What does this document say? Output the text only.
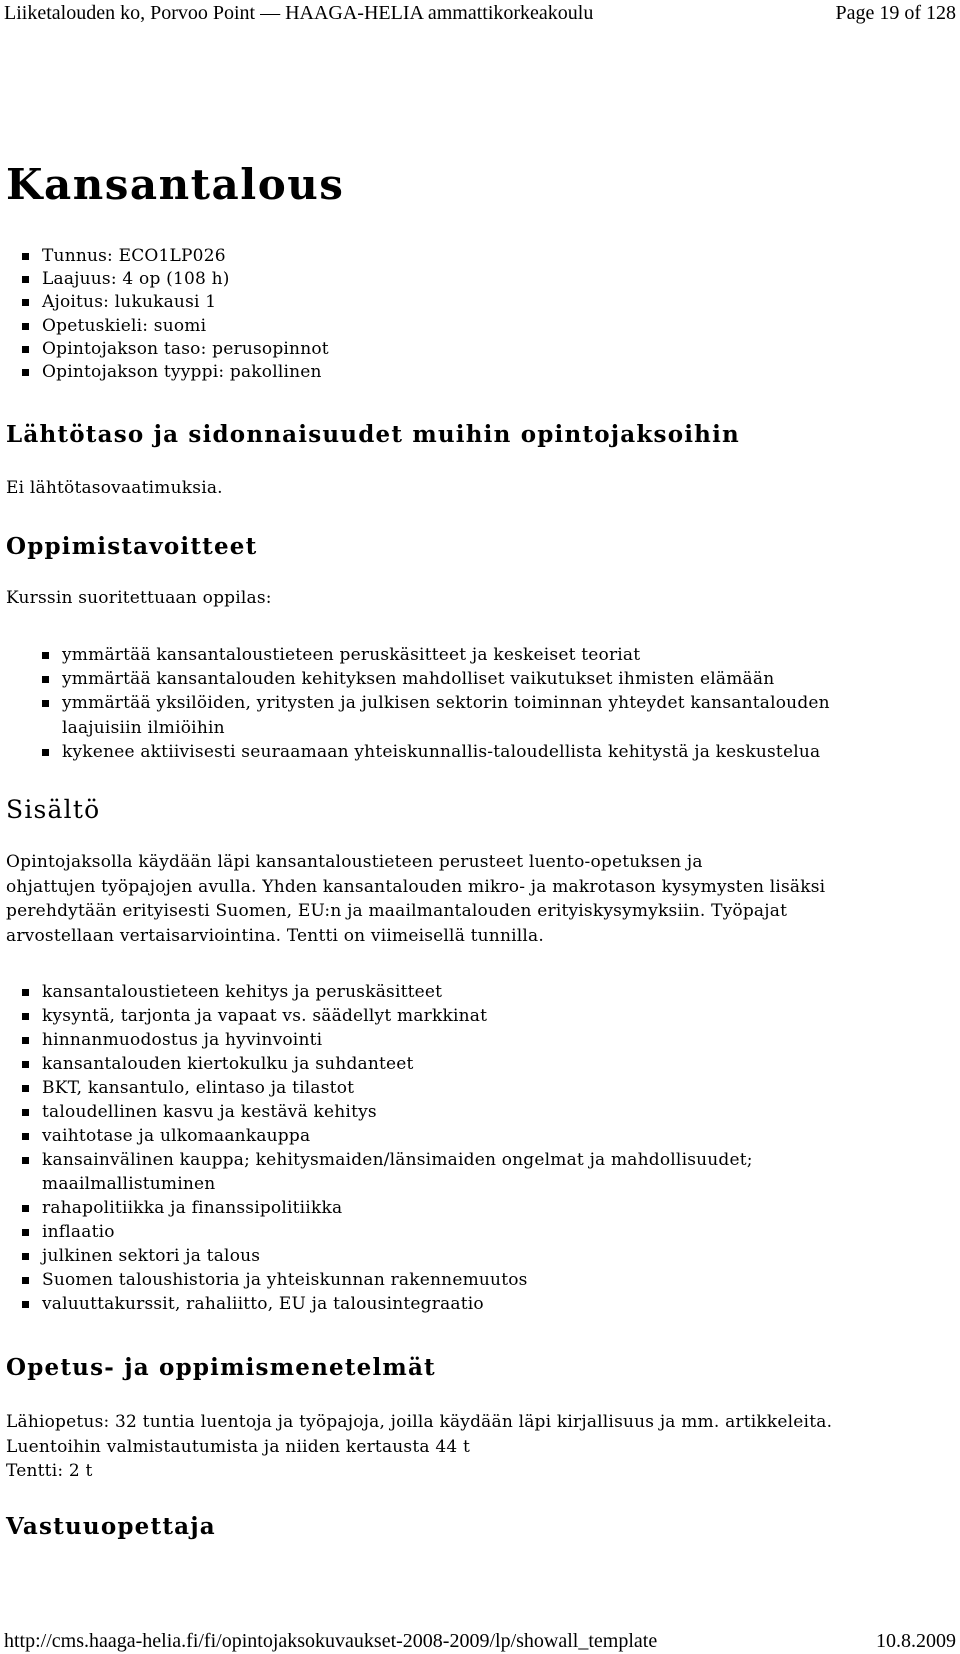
Liiketalouden ko, Porvoo Point — HAAGA-HELIA ammattikorkeakoulu	Page 19 of 128
Kansantalous
Tunnus: ECO1LP026
Laajuus: 4 op (108 h)
Ajoitus: lukukausi 1
Opetuskieli: suomi
Opintojakson taso: perusopinnot
Opintojakson tyyppi: pakollinen
Lähtötaso ja sidonnaisuudet muihin opintojaksoihin
Ei lähtötasovaatimuksia.
Oppimistavoitteet
Kurssin suoritettuaan oppilas:
ymmärtää kansantaloustieteen peruskäsitteet ja keskeiset teoriat
ymmärtää kansantalouden kehityksen mahdolliset vaikutukset ihmisten elämään
ymmärtää yksilöiden, yritysten ja julkisen sektorin toiminnan yhteydet kansantalouden
laajuisiin ilmiöihin
kykenee aktiivisesti seuraamaan yhteiskunnallis-taloudellista kehitystä ja keskustelua
Sisältö
Opintojaksolla käydään läpi kansantaloustieteen perusteet luento-opetuksen ja
ohjattujen työpajojen avulla. Yhden kansantalouden mikro- ja makrotason kysymysten lisäksi
perehdytään erityisesti Suomen, EU:n ja maailmantalouden erityiskysymyksiin. Työpajat
arvostellaan vertaisarviointina. Tentti on viimeisellä tunnilla.
kansantaloustieteen kehitys ja peruskäsitteet
kysyntä, tarjonta ja vapaat vs. säädellyt markkinat
hinnanmuodostus ja hyvinvointi
kansantalouden kiertokulku ja suhdanteet
BKT, kansantulo, elintaso ja tilastot
taloudellinen kasvu ja kestävä kehitys
vaihtotase ja ulkomaankauppa
kansainvälinen kauppa; kehitysmaiden/länsimaiden ongelmat ja mahdollisuudet;
maailmallistuminen
rahapolitiikka ja finanssipolitiikka
inflaatio
julkinen sektori ja talous
Suomen taloushistoria ja yhteiskunnan rakennemuutos
valuuttakurssit, rahaliitto, EU ja talousintegraatio
Opetus- ja oppimismenetelmät
Lähiopetus: 32 tuntia luentoja ja työpajoja, joilla käydään läpi kirjallisuus ja mm. artikkeleita.
Luentoihin valmistautumista ja niiden kertausta 44 t
Tentti: 2 t
Vastuuopettaja
http://cms.haaga-helia.fi/fi/opintojaksokuvaukset-2008-2009/lp/showall_template	10.8.2009
